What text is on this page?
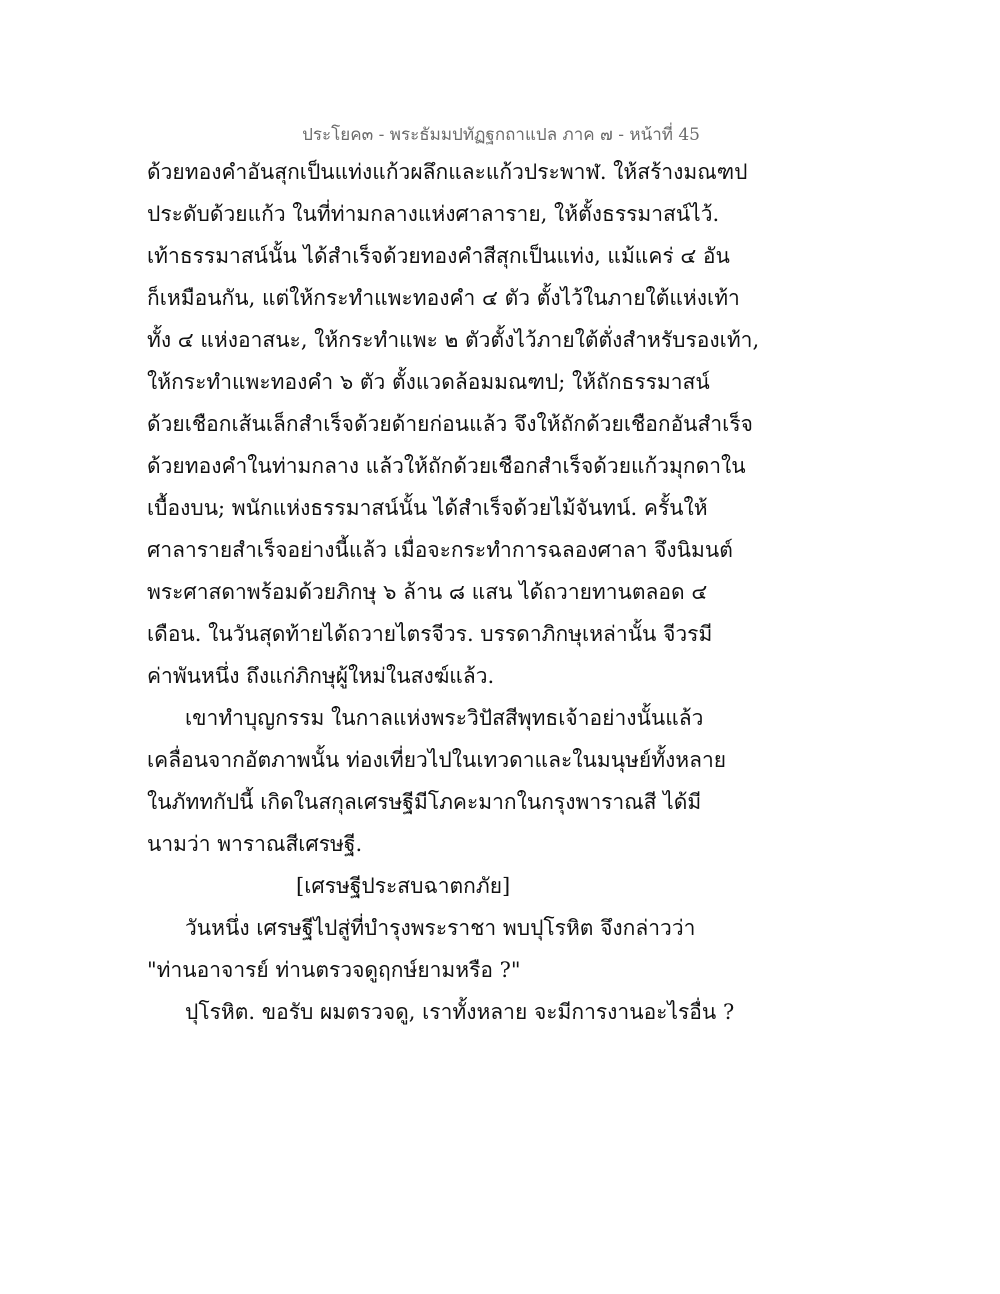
ประโยค๓ - พระธัมมปทัฏฐกถาแปล ภาค ๗ - หน้าที่ 45
ด้วยทองคำอันสุกเป็นแท่งแก้วผลึกและแก้วประพาฬ. ให้สร้างมณฑป
ประดับด้วยแก้ว ในที่ท่ามกลางแห่งศาลาราย, ให้ตั้งธรรมาสน์ไว้.
เท้าธรรมาสน์นั้น ได้สำเร็จด้วยทองคำสีสุกเป็นแท่ง, แม้แคร่ ๔ อัน
ก็เหมือนกัน, แต่ให้กระทำแพะทองคำ ๔ ตัว ตั้งไว้ในภายใต้แห่งเท้า
ทั้ง ๔ แห่งอาสนะ, ให้กระทำแพะ ๒ ตัวตั้งไว้ภายใต้ตั่งสำหรับรองเท้า,
ให้กระทำแพะทองคำ ๖ ตัว ตั้งแวดล้อมมณฑป; ให้ถักธรรมาสน์
ด้วยเชือกเส้นเล็กสำเร็จด้วยด้ายก่อนแล้ว จึงให้ถักด้วยเชือกอันสำเร็จ
ด้วยทองคำในท่ามกลาง แล้วให้ถักด้วยเชือกสำเร็จด้วยแก้วมุกดาใน
เบื้องบน; พนักแห่งธรรมาสน์นั้น ได้สำเร็จด้วยไม้จันทน์. ครั้นให้
ศาลารายสำเร็จอย่างนี้แล้ว เมื่อจะกระทำการฉลองศาลา จึงนิมนต์
พระศาสดาพร้อมด้วยภิกษุ ๖ ล้าน ๘ แสน ได้ถวายทานตลอด ๔
เดือน. ในวันสุดท้ายได้ถวายไตรจีวร. บรรดาภิกษุเหล่านั้น จีวรมี
ค่าพันหนึ่ง ถึงแก่ภิกษุผู้ใหม่ในสงฆ์แล้ว.
เขาทำบุญกรรม ในกาลแห่งพระวิปัสสีพุทธเจ้าอย่างนั้นแล้ว
เคลื่อนจากอัตภาพนั้น ท่องเที่ยวไปในเทวดาและในมนุษย์ทั้งหลาย
ในภัททกัปนี้ เกิดในสกุลเศรษฐีมีโภคะมากในกรุงพาราณสี ได้มี
นามว่า พาราณสีเศรษฐี.
[เศรษฐีประสบฉาตกภัย]
วันหนึ่ง เศรษฐีไปสู่ที่บำรุงพระราชา พบปุโรหิต จึงกล่าวว่า
"ท่านอาจารย์ ท่านตรวจดูฤกษ์ยามหรือ ?"
ปุโรหิต. ขอรับ ผมตรวจดู, เราทั้งหลาย จะมีการงานอะไรอื่น ?
